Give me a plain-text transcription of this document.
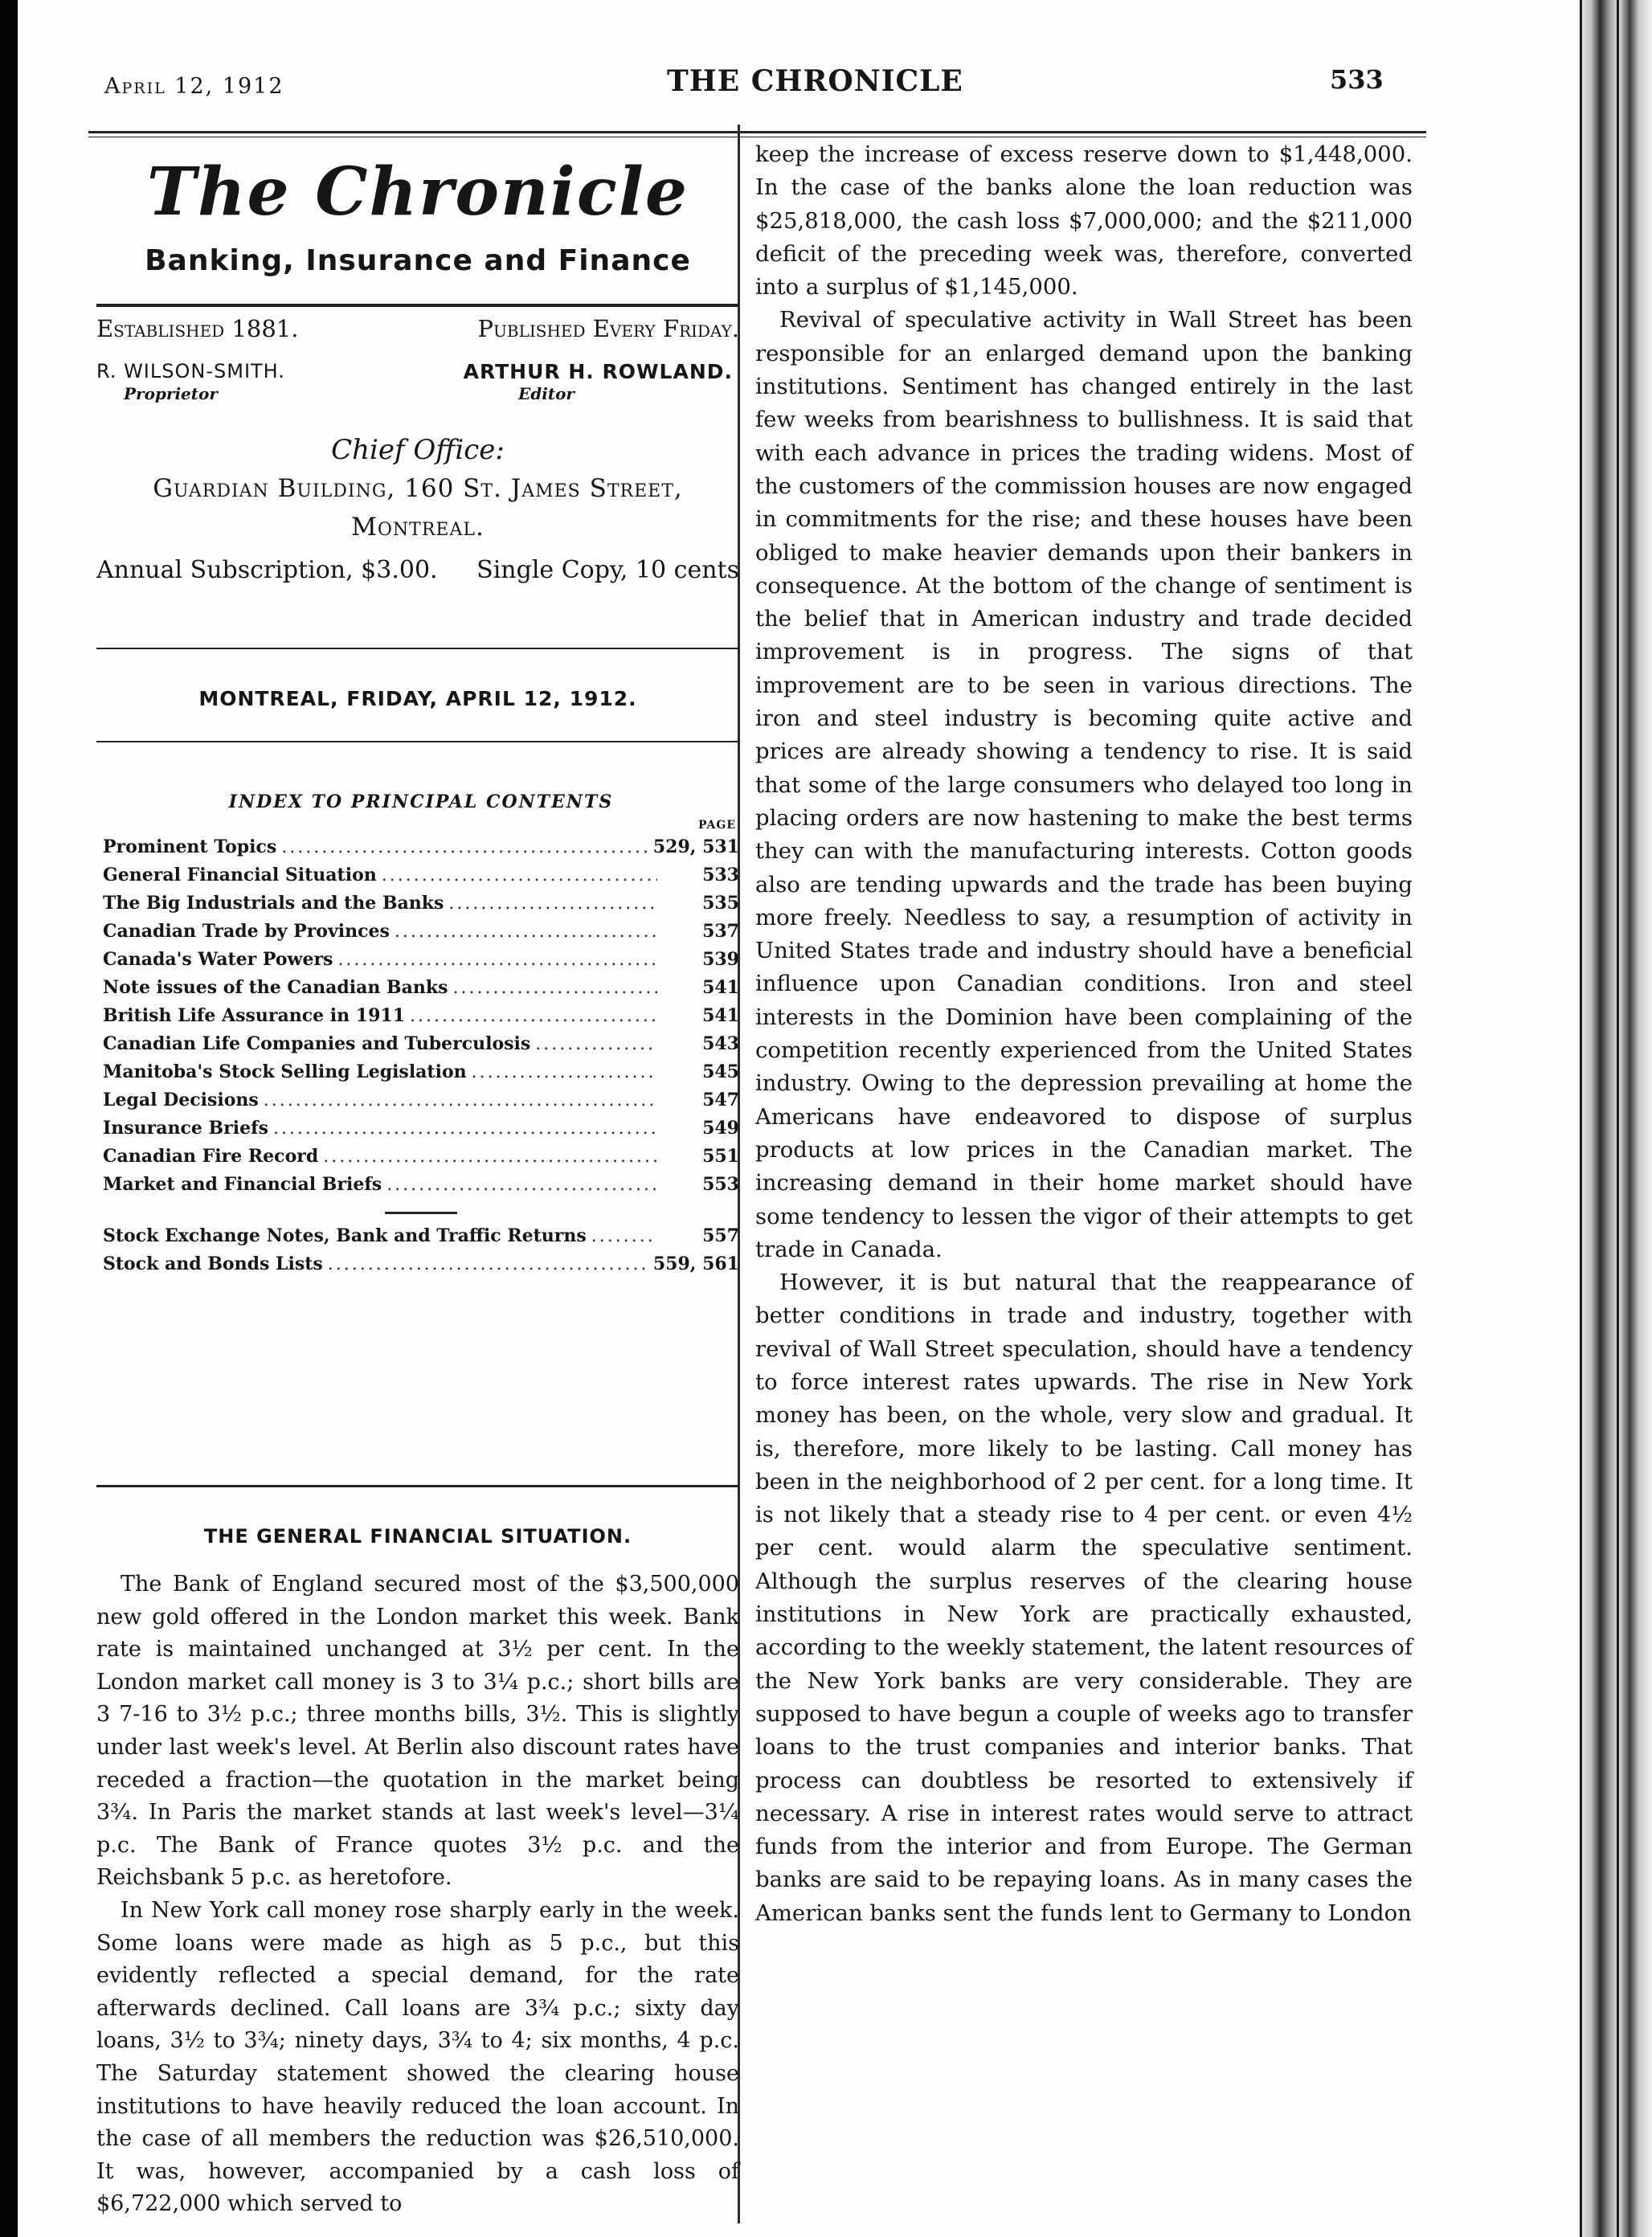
April 12, 1912	THE CHRONICLE	533
The Chronicle
Banking, Insurance and Finance
Established 1881.	Published Every Friday.
R. WILSON-SMITH.
Proprietor
ARTHUR H. ROWLAND.
Editor
Chief Office:
Guardian Building, 160 St. James Street,
Montreal.
Annual Subscription, $3.00. Single Copy, 10 cents
MONTREAL, FRIDAY, APRIL 12, 1912.
INDEX TO PRINCIPAL CONTENTS
PAGE
Prominent Topics .....	529, 531
General Financial Situation .....	533
The Big Industrials and the Banks .....	535
Canadian Trade by Provinces .....	537
Canada's Water Powers .....	539
Note issues of the Canadian Banks .....	541
British Life Assurance in 1911 .....	541
Canadian Life Companies and Tuberculosis .....	543
Manitoba's Stock Selling Legislation .....	545
Legal Decisions .....	547
Insurance Briefs .....	549
Canadian Fire Record .....	551
Market and Financial Briefs .....	553
Stock Exchange Notes, Bank and Traffic Returns .....	557
Stock and Bonds Lists .....	559, 561
THE GENERAL FINANCIAL SITUATION.

The Bank of England secured most of the $3,500,000 new gold offered in the London market this week. Bank rate is maintained unchanged at 3½ per cent. In the London market call money is 3 to 3¼ p.c.; short bills are 3 7-16 to 3½ p.c.; three months bills, 3½. This is slightly under last week's level. At Berlin also discount rates have receded a fraction—the quotation in the market being 3¾. In Paris the market stands at last week's level—3¼ p.c. The Bank of France quotes 3½ p.c. and the Reichsbank 5 p.c. as heretofore.

In New York call money rose sharply early in the week. Some loans were made as high as 5 p.c., but this evidently reflected a special demand, for the rate afterwards declined. Call loans are 3¾ p.c.; sixty day loans, 3½ to 3¾; ninety days, 3¾ to 4; six months, 4 p.c. The Saturday statement showed the clearing house institutions to have heavily reduced the loan account. In the case of all members the reduction was $26,510,000. It was, however, accompanied by a cash loss of $6,722,000 which served to

keep the increase of excess reserve down to $1,448,000. In the case of the banks alone the loan reduction was $25,818,000, the cash loss $7,000,000; and the $211,000 deficit of the preceding week was, therefore, converted into a surplus of $1,145,000.

Revival of speculative activity in Wall Street has been responsible for an enlarged demand upon the banking institutions. Sentiment has changed entirely in the last few weeks from bearishness to bullishness. It is said that with each advance in prices the trading widens. Most of the customers of the commission houses are now engaged in commitments for the rise; and these houses have been obliged to make heavier demands upon their bankers in consequence. At the bottom of the change of sentiment is the belief that in American industry and trade decided improvement is in progress. The signs of that improvement are to be seen in various directions. The iron and steel industry is becoming quite active and prices are already showing a tendency to rise. It is said that some of the large consumers who delayed too long in placing orders are now hastening to make the best terms they can with the manufacturing interests. Cotton goods also are tending upwards and the trade has been buying more freely. Needless to say, a resumption of activity in United States trade and industry should have a beneficial influence upon Canadian conditions. Iron and steel interests in the Dominion have been complaining of the competition recently experienced from the United States industry. Owing to the depression prevailing at home the Americans have endeavored to dispose of surplus products at low prices in the Canadian market. The increasing demand in their home market should have some tendency to lessen the vigor of their attempts to get trade in Canada.

However, it is but natural that the reappearance of better conditions in trade and industry, together with revival of Wall Street speculation, should have a tendency to force interest rates upwards. The rise in New York money has been, on the whole, very slow and gradual. It is, therefore, more likely to be lasting. Call money has been in the neighborhood of 2 per cent. for a long time. It is not likely that a steady rise to 4 per cent. or even 4½ per cent. would alarm the speculative sentiment. Although the surplus reserves of the clearing house institutions in New York are practically exhausted, according to the weekly statement, the latent resources of the New York banks are very considerable. They are supposed to have begun a couple of weeks ago to transfer loans to the trust companies and interior banks. That process can doubtless be resorted to extensively if necessary. A rise in interest rates would serve to attract funds from the interior and from Europe. The German banks are said to be repaying loans. As in many cases the American banks sent the funds lent to Germany to London
